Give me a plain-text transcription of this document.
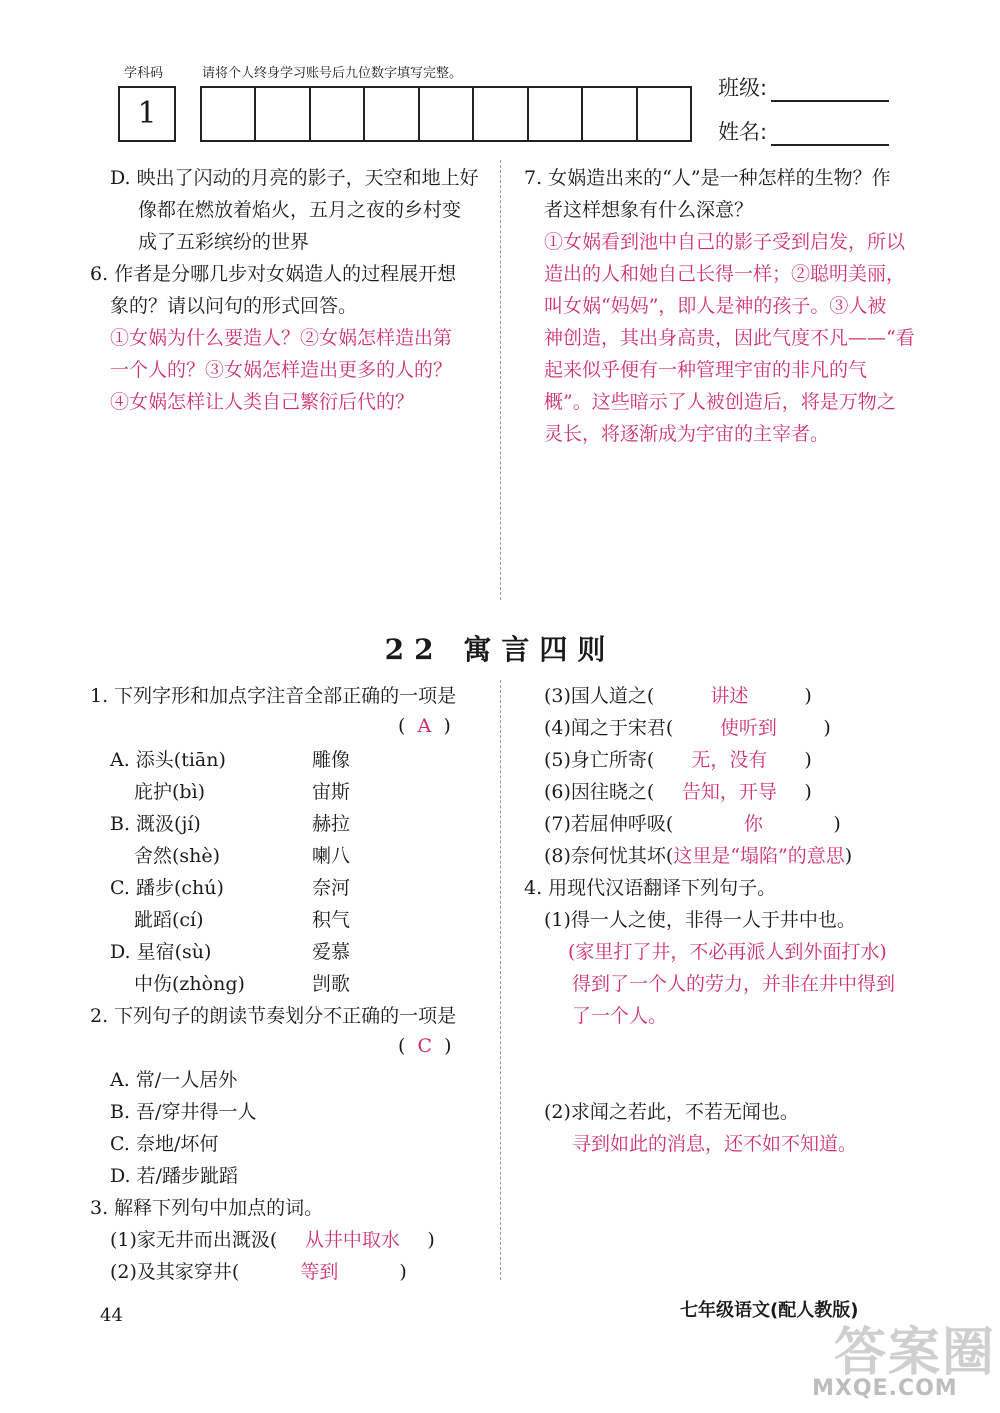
学科码	请将个人终身学习账号后九位数字填写完整。
1
班级:
姓名:
D. 映出了闪动的月亮的影子，天空和地上好
像都在燃放着焰火，五月之夜的乡村变
成了五彩缤纷的世界
6. 作者是分哪几步对女娲造人的过程展开想
象的？请以问句的形式回答。
①女娲为什么要造人？②女娲怎样造出第
一个人的？③女娲怎样造出更多的人的？
④女娲怎样让人类自己繁衍后代的？
7. 女娲造出来的“人”是一种怎样的生物？作
者这样想象有什么深意？
①女娲看到池中自己的影子受到启发，所以
造出的人和她自己长得一样；②聪明美丽，
叫女娲“妈妈”，即人是神的孩子。③人被
神创造，其出身高贵，因此气度不凡——“看
起来似乎便有一种管理宇宙的非凡的气
概”。这些暗示了人被创造后，将是万物之
灵长，将逐渐成为宇宙的主宰者。
22 寓言四则
1. 下列字形和加点字注音全部正确的一项是
(  A  )
A. 添头(tiān)	雕像
庇护(bì)	宙斯
B. 溉汲(jí)	赫拉
舍然(shè)	喇八
C. 蹯步(chú)	奈河
跐蹈(cí)	积气
D. 星宿(sù)	爱慕
中伤(zhòng)	剀歌
2. 下列句子的朗读节奏划分不正确的一项是
(  C  )
A. 常/一人居外
B. 吾/穿井得一人
C. 奈地/坏何
D. 若/蹯步跐蹈
3. 解释下列句中加点的词。
(1)家无井而出溉汲( 从井中取水 )
(2)及其家穿井(	等到	)
(3)国人道之(	讲述	)
(4)闻之于宋君( 使听到 )
(5)身亡所寄( 无，没有 )
(6)因往晓之( 告知，开导 )
(7)若屈伸呼吸(	你	)
(8)奈何忧其坏(这里是“塌陷”的意思)
4. 用现代汉语翻译下列句子。
(1)得一人之使，非得一人于井中也。
(家里打了井，不必再派人到外面打水)
得到了一个人的劳力，并非在井中得到
了一个人。
(2)求闻之若此，不若无闻也。
寻到如此的消息，还不如不知道。
44	七年级语文(配人教版)
答案圈
MXQE.COM
